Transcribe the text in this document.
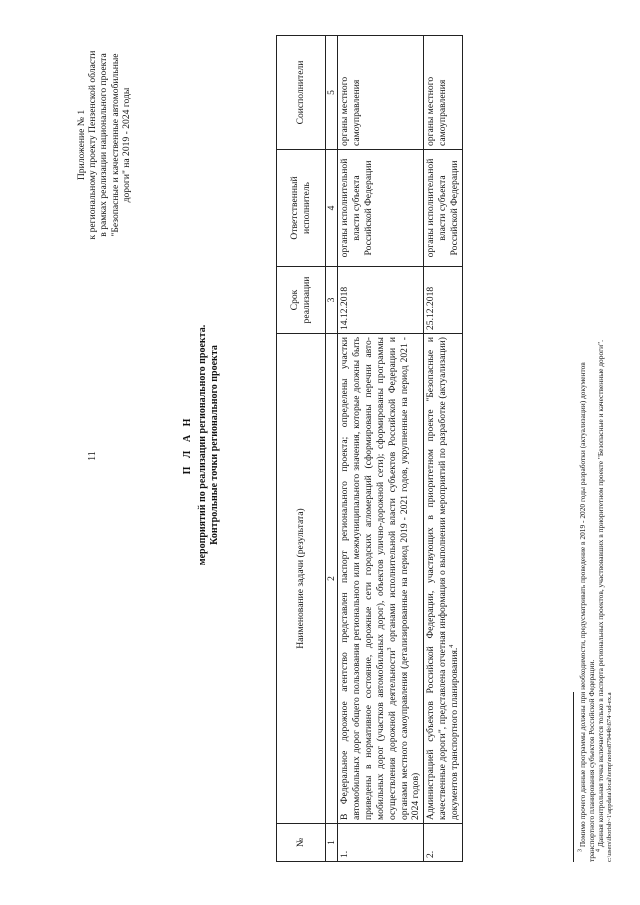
11
Приложение № 1 к региональному проекту Пензенской области в рамках реализации национального проекта "Безопасные и качественные автомобильные дороги" на 2019 - 2024 годы
П Л А Н мероприятий по реализации регионального проекта. Контрольные точки регионального проекта
№	Наименование задачи (результата)	Срок реализации	Ответственный исполнитель	Соисполнители
1	2	3	4	5
1.	В Федеральное дорожное агентство представлен паспорт регионального проекта; определены участки автомобильных дорог общего пользования регионального или межмуниципального значения, которые должны быть приведены в нормативное состояние, дорожные сети городских агломераций (сформированы перечни авто-мобильных дорог (участков автомобильных дорог), объектов улично-дорожной сети); сформированы программы осуществления дорожной деятельности$^3$ органами исполнительной власти субъектов Российской Федерации и органами местного самоуправления (детализированные на период 2019 - 2021 годов, укрупненные на период 2021 - 2024 годов)	14.12.2018	органы исполнительной власти субъекта Российской Федерации	органы местного самоуправления
2.	Администрацией субъектов Российской Федерации, участвующих в приоритетном проекте "Безопасные и качественные дороги", представлена отчетная информация о выполнении мероприятий по разработке (актуализации) документов транспортного планирования.$^4$	25.12.2018	органы исполнительной власти субъекта Российской Федерации	органы местного самоуправления

$^3$ Помимо прочего данные программы должны при необходимости, предусматривать проведение в 2019 - 2020 годы разработки (актуализации) документов транспортного планирования субъектов Российской Федерации. $^4$ Данная контрольная точка включается только в паспорта региональных проектов, участвовавших в приоритетном проекте "Безопасные и качественные дороги". c:\users\iborisb~1\appdata\local\temp\notes87944b\674~ud-ex.a
